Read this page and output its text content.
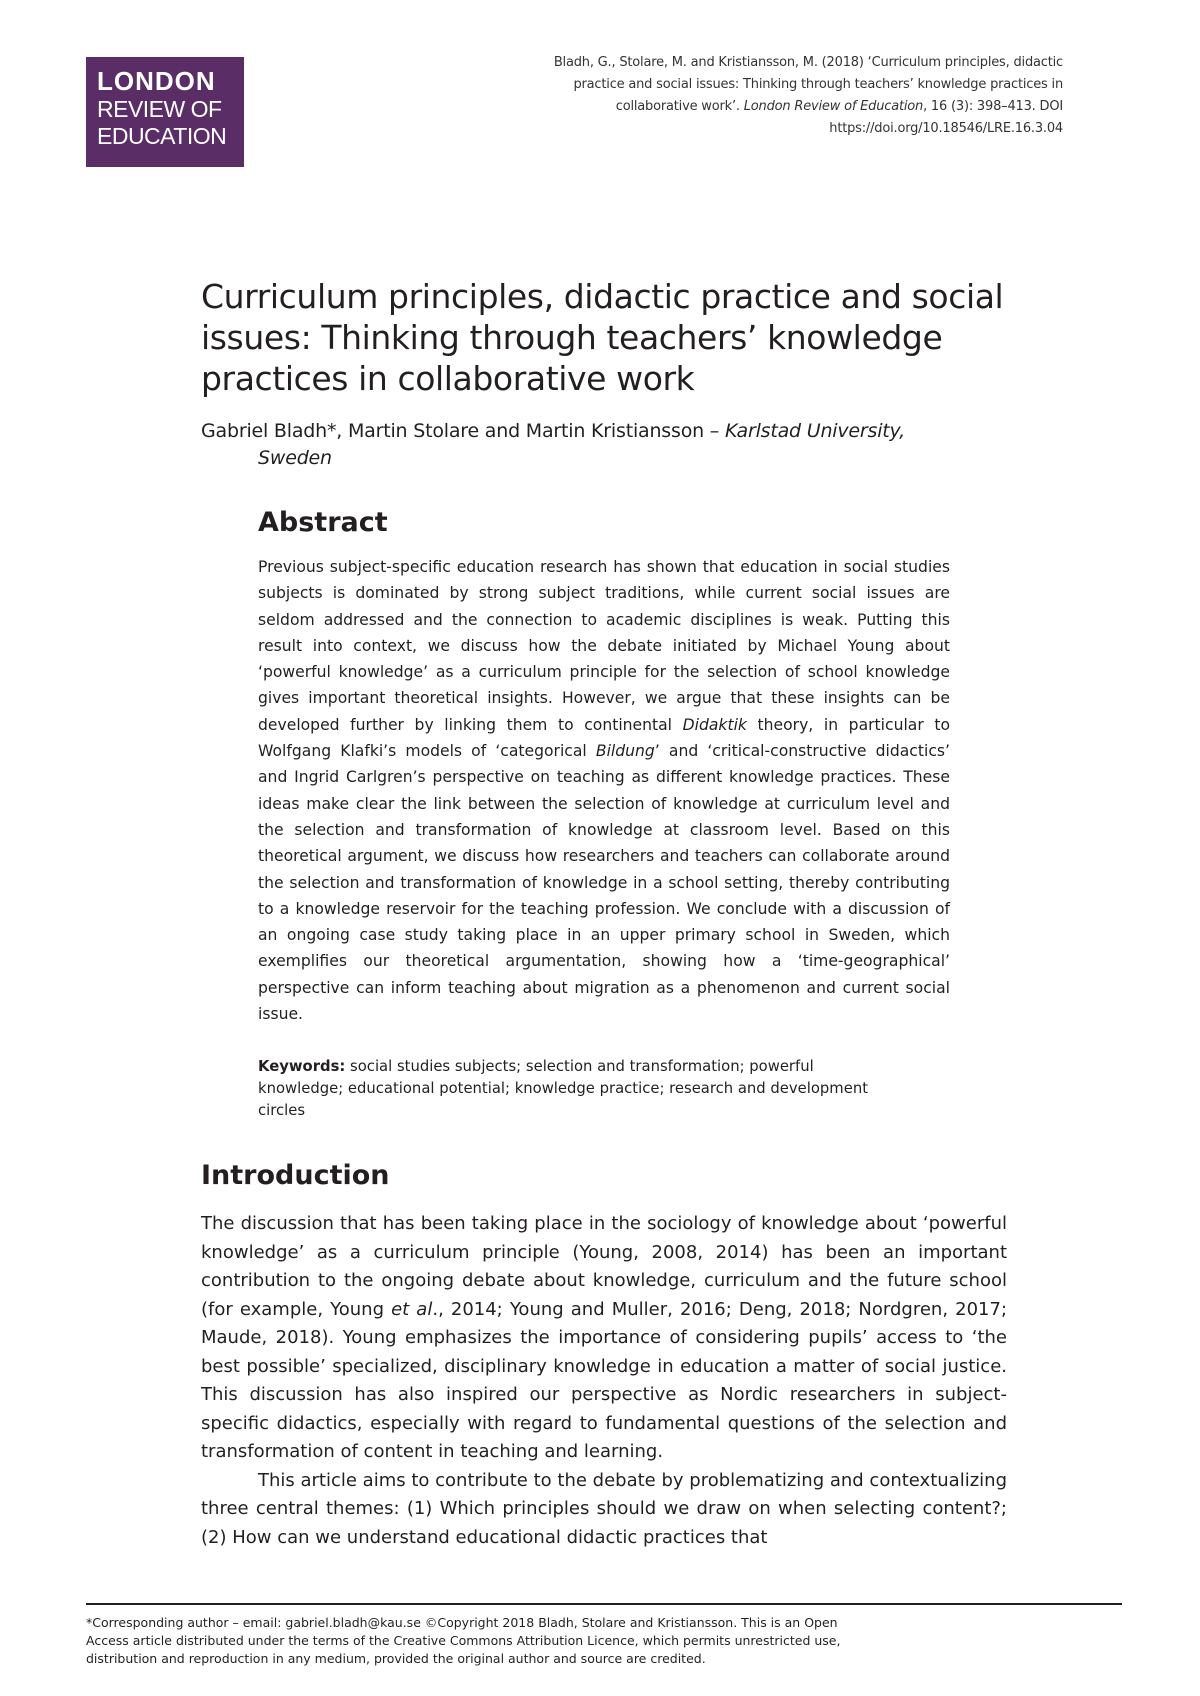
LONDON
REVIEW OF
EDUCATION
Bladh, G., Stolare, M. and Kristiansson, M. (2018) ‘Curriculum principles, didactic practice and social issues: Thinking through teachers’ knowledge practices in collaborative work’. London Review of Education, 16 (3): 398–413. DOI https://doi.org/10.18546/LRE.16.3.04
Curriculum principles, didactic practice and social issues: Thinking through teachers’ knowledge practices in collaborative work
Gabriel Bladh*, Martin Stolare and Martin Kristiansson – Karlstad University,
Sweden
Abstract

Previous subject-specific education research has shown that education in social studies subjects is dominated by strong subject traditions, while current social issues are seldom addressed and the connection to academic disciplines is weak. Putting this result into context, we discuss how the debate initiated by Michael Young about ‘powerful knowledge’ as a curriculum principle for the selection of school knowledge gives important theoretical insights. However, we argue that these insights can be developed further by linking them to continental Didaktik theory, in particular to Wolfgang Klafki’s models of ‘categorical Bildung’ and ‘critical-constructive didactics’ and Ingrid Carlgren’s perspective on teaching as different knowledge practices. These ideas make clear the link between the selection of knowledge at curriculum level and the selection and transformation of knowledge at classroom level. Based on this theoretical argument, we discuss how researchers and teachers can collaborate around the selection and transformation of knowledge in a school setting, thereby contributing to a knowledge reservoir for the teaching profession. We conclude with a discussion of an ongoing case study taking place in an upper primary school in Sweden, which exemplifies our theoretical argumentation, showing how a ‘time-geographical’ perspective can inform teaching about migration as a phenomenon and current social issue.

Keywords: social studies subjects; selection and transformation; powerful knowledge; educational potential; knowledge practice; research and development circles
Introduction

The discussion that has been taking place in the sociology of knowledge about ‘powerful knowledge’ as a curriculum principle (Young, 2008, 2014) has been an important contribution to the ongoing debate about knowledge, curriculum and the future school (for example, Young et al., 2014; Young and Muller, 2016; Deng, 2018; Nordgren, 2017; Maude, 2018). Young emphasizes the importance of considering pupils’ access to ‘the best possible’ specialized, disciplinary knowledge in education a matter of social justice. This discussion has also inspired our perspective as Nordic researchers in subject-specific didactics, especially with regard to fundamental questions of the selection and transformation of content in teaching and learning.

This article aims to contribute to the debate by problematizing and contextualizing three central themes: (1) Which principles should we draw on when selecting content?; (2) How can we understand educational didactic practices that

*Corresponding author – email: gabriel.bladh@kau.se ©Copyright 2018 Bladh, Stolare and Kristiansson. This is an Open Access article distributed under the terms of the Creative Commons Attribution Licence, which permits unrestricted use, distribution and reproduction in any medium, provided the original author and source are credited.
